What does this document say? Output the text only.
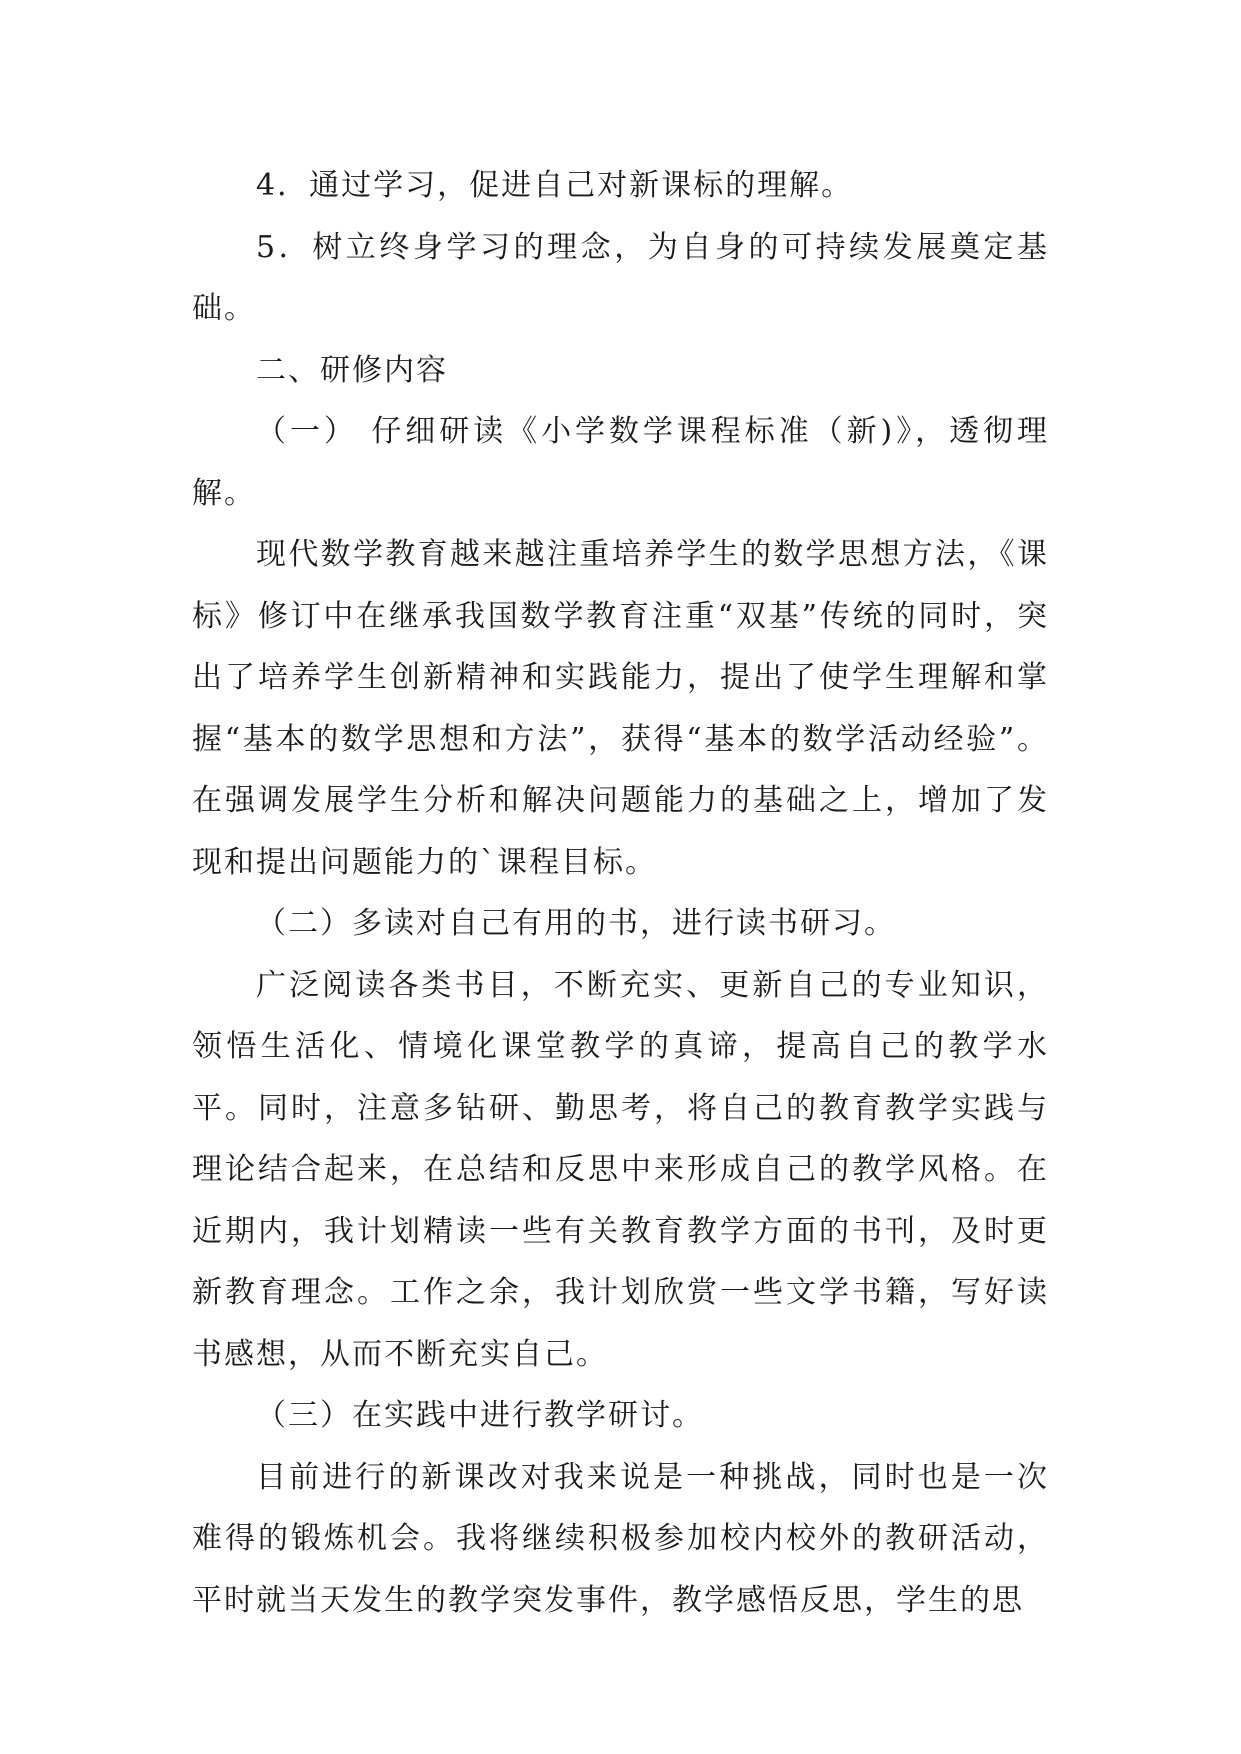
4．通过学习，促进自己对新课标的理解。

5．树立终身学习的理念，为自身的可持续发展奠定基础。

二、研修内容

（一） 仔细研读《小学数学课程标准（新)》，透彻理解。

现代数学教育越来越注重培养学生的数学思想方法，《课标》修订中在继承我国数学教育注重“双基”传统的同时，突出了培养学生创新精神和实践能力，提出了使学生理解和掌握“基本的数学思想和方法”，获得“基本的数学活动经验”。在强调发展学生分析和解决问题能力的基础之上，增加了发现和提出问题能力的`课程目标。

（二）多读对自己有用的书，进行读书研习。

广泛阅读各类书目，不断充实、更新自己的专业知识，领悟生活化、情境化课堂教学的真谛，提高自己的教学水平。同时，注意多钻研、勤思考，将自己的教育教学实践与理论结合起来，在总结和反思中来形成自己的教学风格。在近期内，我计划精读一些有关教育教学方面的书刊，及时更新教育理念。工作之余，我计划欣赏一些文学书籍，写好读书感想，从而不断充实自己。

（三）在实践中进行教学研讨。

目前进行的新课改对我来说是一种挑战，同时也是一次难得的锻炼机会。我将继续积极参加校内校外的教研活动，平时就当天发生的教学突发事件，教学感悟反思，学生的思
